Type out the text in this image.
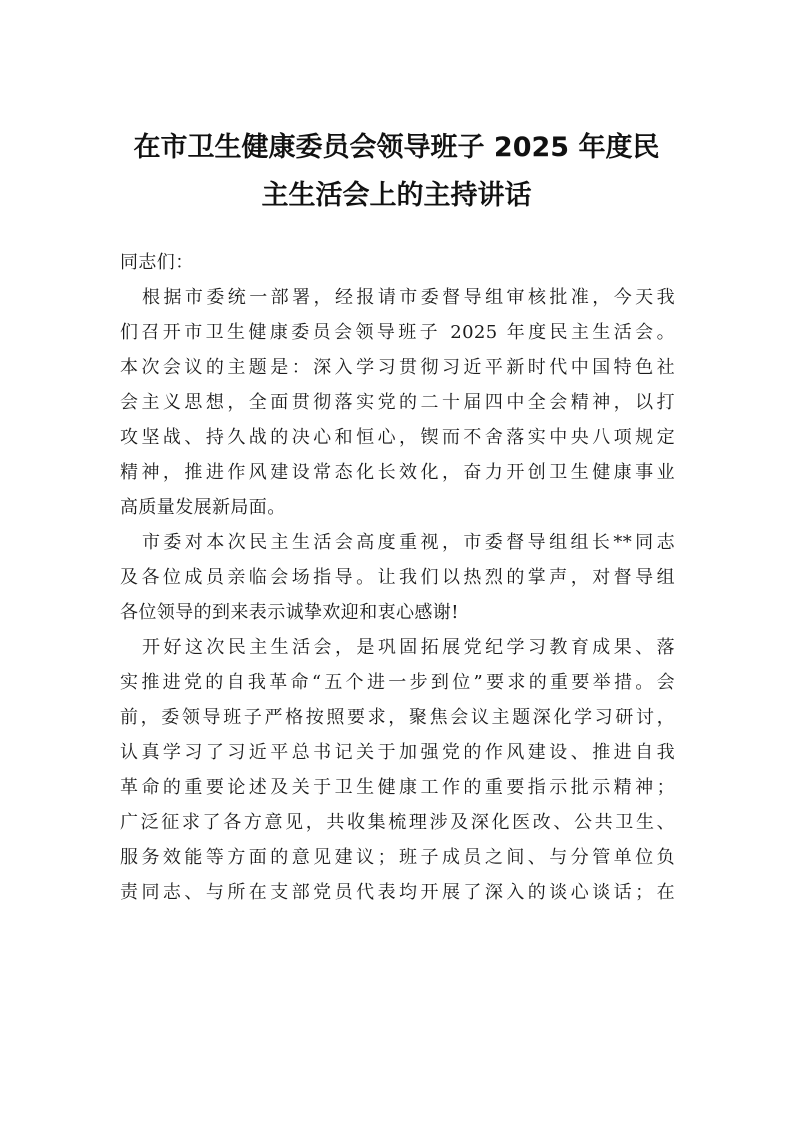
在市卫生健康委员会领导班子 2025 年度民
主生活会上的主持讲话
同志们：
根据市委统一部署，经报请市委督导组审核批准，今天我
们召开市卫生健康委员会领导班子 2025 年度民主生活会。
本次会议的主题是：深入学习贯彻习近平新时代中国特色社
会主义思想，全面贯彻落实党的二十届四中全会精神，以打
攻坚战、持久战的决心和恒心，锲而不舍落实中央八项规定
精神，推进作风建设常态化长效化，奋力开创卫生健康事业
高质量发展新局面。
市委对本次民主生活会高度重视，市委督导组组长**同志
及各位成员亲临会场指导。让我们以热烈的掌声，对督导组
各位领导的到来表示诚挚欢迎和衷心感谢!
开好这次民主生活会，是巩固拓展党纪学习教育成果、落
实推进党的自我革命“五个进一步到位”要求的重要举措。会
前，委领导班子严格按照要求，聚焦会议主题深化学习研讨，
认真学习了习近平总书记关于加强党的作风建设、推进自我
革命的重要论述及关于卫生健康工作的重要指示批示精神；
广泛征求了各方意见，共收集梳理涉及深化医改、公共卫生、
服务效能等方面的意见建议；班子成员之间、与分管单位负
责同志、与所在支部党员代表均开展了深入的谈心谈话；在
